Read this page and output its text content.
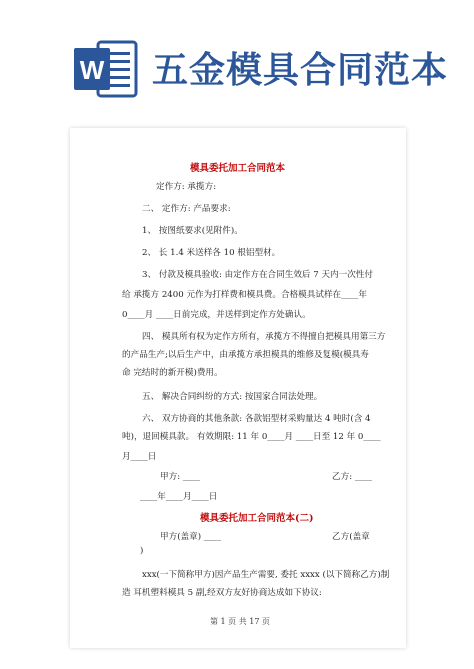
W 五金模具合同范本
模具委托加工合同范本
定作方: 承揽方:
二、 定作方: 产品要求:
1、 按图纸要求(见附件)。
2、 长 1.4 米送样各 10 根铝型材。
3、 付款及模具验收: 由定作方在合同生效后 7 天内一次性付
给 承揽方 2400 元作为打样费和模具费。合格模具试样在____年
0____月 ____日前完成，并送样到定作方处确认。
四、 模具所有权为定作方所有，承揽方不得擅自把模具用第三方
的产品生产;以后生产中，由承揽方承担模具的维修及复模(模具寿
命 完结时的新开模)费用。
五、 解决合同纠纷的方式: 按国家合同法处理。
六、 双方协商的其他条款: 各款铝型材采购量达 4 吨时(含 4
吨)，退回模具款。 有效期限: 11 年 0____月 ____日至 12 年 0____
月____日
甲方: ____	乙方: ____
____年____月____日
模具委托加工合同范本(二)
甲方(盖章) ____	乙方(盖章
)
xxx(一下简称甲方)因产品生产需要, 委托 xxxx (以下简称乙方)制
造 耳机塑料模具 5 副,经双方友好协商达成如下协议:
第 1 页 共 17 页
